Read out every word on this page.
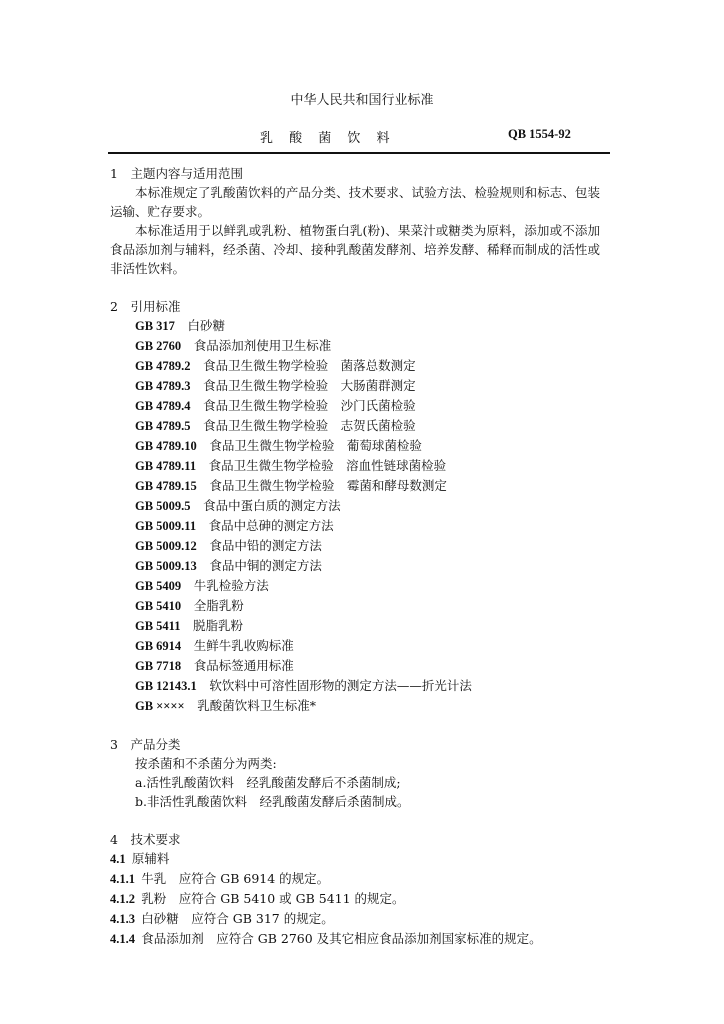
中华人民共和国行业标准
乳 酸 菌 饮 料	QB 1554-92

1　主题内容与适用范围

本标准规定了乳酸菌饮料的产品分类、技术要求、试验方法、检验规则和标志、包装运输、贮存要求。

本标准适用于以鲜乳或乳粉、植物蛋白乳(粉)、果菜汁或糖类为原料，添加或不添加食品添加剂与辅料，经杀菌、冷却、接种乳酸菌发酵剂、培养发酵、稀释而制成的活性或非活性饮料。

2　引用标准

GB 317 白砂糖
GB 2760 食品添加剂使用卫生标准
GB 4789.2 食品卫生微生物学检验　菌落总数测定
GB 4789.3 食品卫生微生物学检验　大肠菌群测定
GB 4789.4 食品卫生微生物学检验　沙门氏菌检验
GB 4789.5 食品卫生微生物学检验　志贺氏菌检验
GB 4789.10 食品卫生微生物学检验　葡萄球菌检验
GB 4789.11 食品卫生微生物学检验　溶血性链球菌检验
GB 4789.15 食品卫生微生物学检验　霉菌和酵母数测定
GB 5009.5 食品中蛋白质的测定方法
GB 5009.11 食品中总砷的测定方法
GB 5009.12 食品中铅的测定方法
GB 5009.13 食品中铜的测定方法
GB 5409 牛乳检验方法
GB 5410 全脂乳粉
GB 5411 脱脂乳粉
GB 6914 生鲜牛乳收购标准
GB 7718 食品标签通用标准
GB 12143.1 软饮料中可溶性固形物的测定方法——折光计法
GB ×××× 乳酸菌饮料卫生标准*

3　产品分类

按杀菌和不杀菌分为两类:
a.活性乳酸菌饮料　经乳酸菌发酵后不杀菌制成;
b.非活性乳酸菌饮料　经乳酸菌发酵后杀菌制成。

4　技术要求

4.1 原辅料
4.1.1 牛乳　应符合 GB 6914 的规定。
4.1.2 乳粉　应符合 GB 5410 或 GB 5411 的规定。
4.1.3 白砂糖　应符合 GB 317 的规定。
4.1.4 食品添加剂　应符合 GB 2760 及其它相应食品添加剂国家标准的规定。
